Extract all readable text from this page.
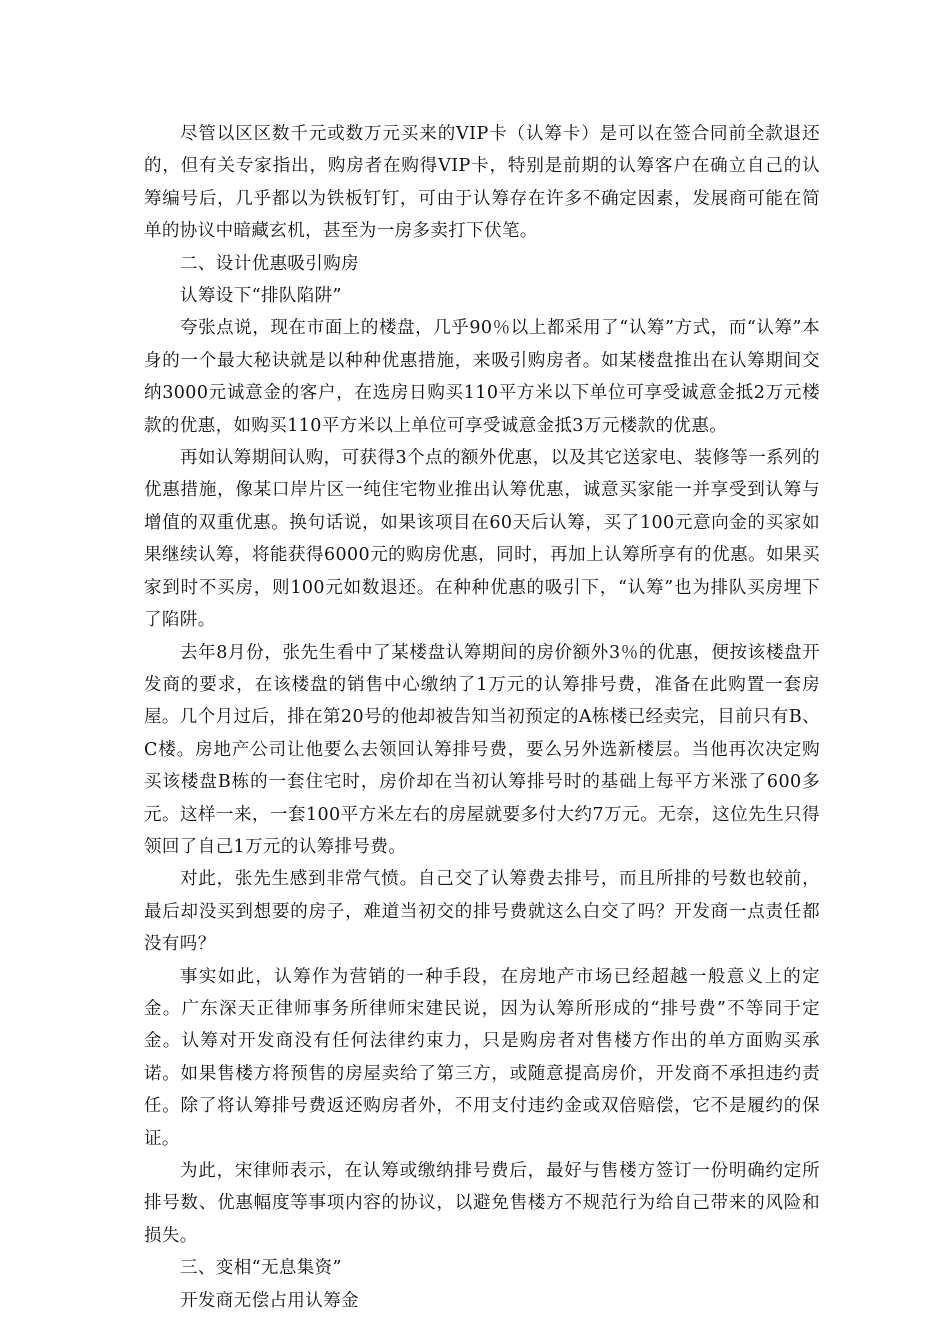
尽管以区区数千元或数万元买来的VIP卡（认筹卡）是可以在签合同前全款退还的，但有关专家指出，购房者在购得VIP卡，特别是前期的认筹客户在确立自己的认筹编号后，几乎都以为铁板钉钉，可由于认筹存在许多不确定因素，发展商可能在简单的协议中暗藏玄机，甚至为一房多卖打下伏笔。

二、设计优惠吸引购房

认筹设下“排队陷阱”

夸张点说，现在市面上的楼盘，几乎90％以上都采用了“认筹”方式，而“认筹”本身的一个最大秘诀就是以种种优惠措施，来吸引购房者。如某楼盘推出在认筹期间交纳3000元诚意金的客户，在选房日购买110平方米以下单位可享受诚意金抵2万元楼款的优惠，如购买110平方米以上单位可享受诚意金抵3万元楼款的优惠。

再如认筹期间认购，可获得3个点的额外优惠，以及其它送家电、装修等一系列的优惠措施，像某口岸片区一纯住宅物业推出认筹优惠，诚意买家能一并享受到认筹与增值的双重优惠。换句话说，如果该项目在60天后认筹，买了100元意向金的买家如果继续认筹，将能获得6000元的购房优惠，同时，再加上认筹所享有的优惠。如果买家到时不买房，则100元如数退还。在种种优惠的吸引下，“认筹”也为排队买房埋下了陷阱。

去年8月份，张先生看中了某楼盘认筹期间的房价额外3％的优惠，便按该楼盘开发商的要求，在该楼盘的销售中心缴纳了1万元的认筹排号费，准备在此购置一套房屋。几个月过后，排在第20号的他却被告知当初预定的A栋楼已经卖完，目前只有B、C楼。房地产公司让他要么去领回认筹排号费，要么另外选新楼层。当他再次决定购买该楼盘B栋的一套住宅时，房价却在当初认筹排号时的基础上每平方米涨了600多元。这样一来，一套100平方米左右的房屋就要多付大约7万元。无奈，这位先生只得领回了自己1万元的认筹排号费。

对此，张先生感到非常气愤。自己交了认筹费去排号，而且所排的号数也较前，最后却没买到想要的房子，难道当初交的排号费就这么白交了吗？开发商一点责任都没有吗？

事实如此，认筹作为营销的一种手段，在房地产市场已经超越一般意义上的定金。广东深天正律师事务所律师宋建民说，因为认筹所形成的“排号费”不等同于定金。认筹对开发商没有任何法律约束力，只是购房者对售楼方作出的单方面购买承诺。如果售楼方将预售的房屋卖给了第三方，或随意提高房价，开发商不承担违约责任。除了将认筹排号费返还购房者外，不用支付违约金或双倍赔偿，它不是履约的保证。

为此，宋律师表示，在认筹或缴纳排号费后，最好与售楼方签订一份明确约定所排号数、优惠幅度等事项内容的协议，以避免售楼方不规范行为给自己带来的风险和损失。

三、变相“无息集资”

开发商无偿占用认筹金
